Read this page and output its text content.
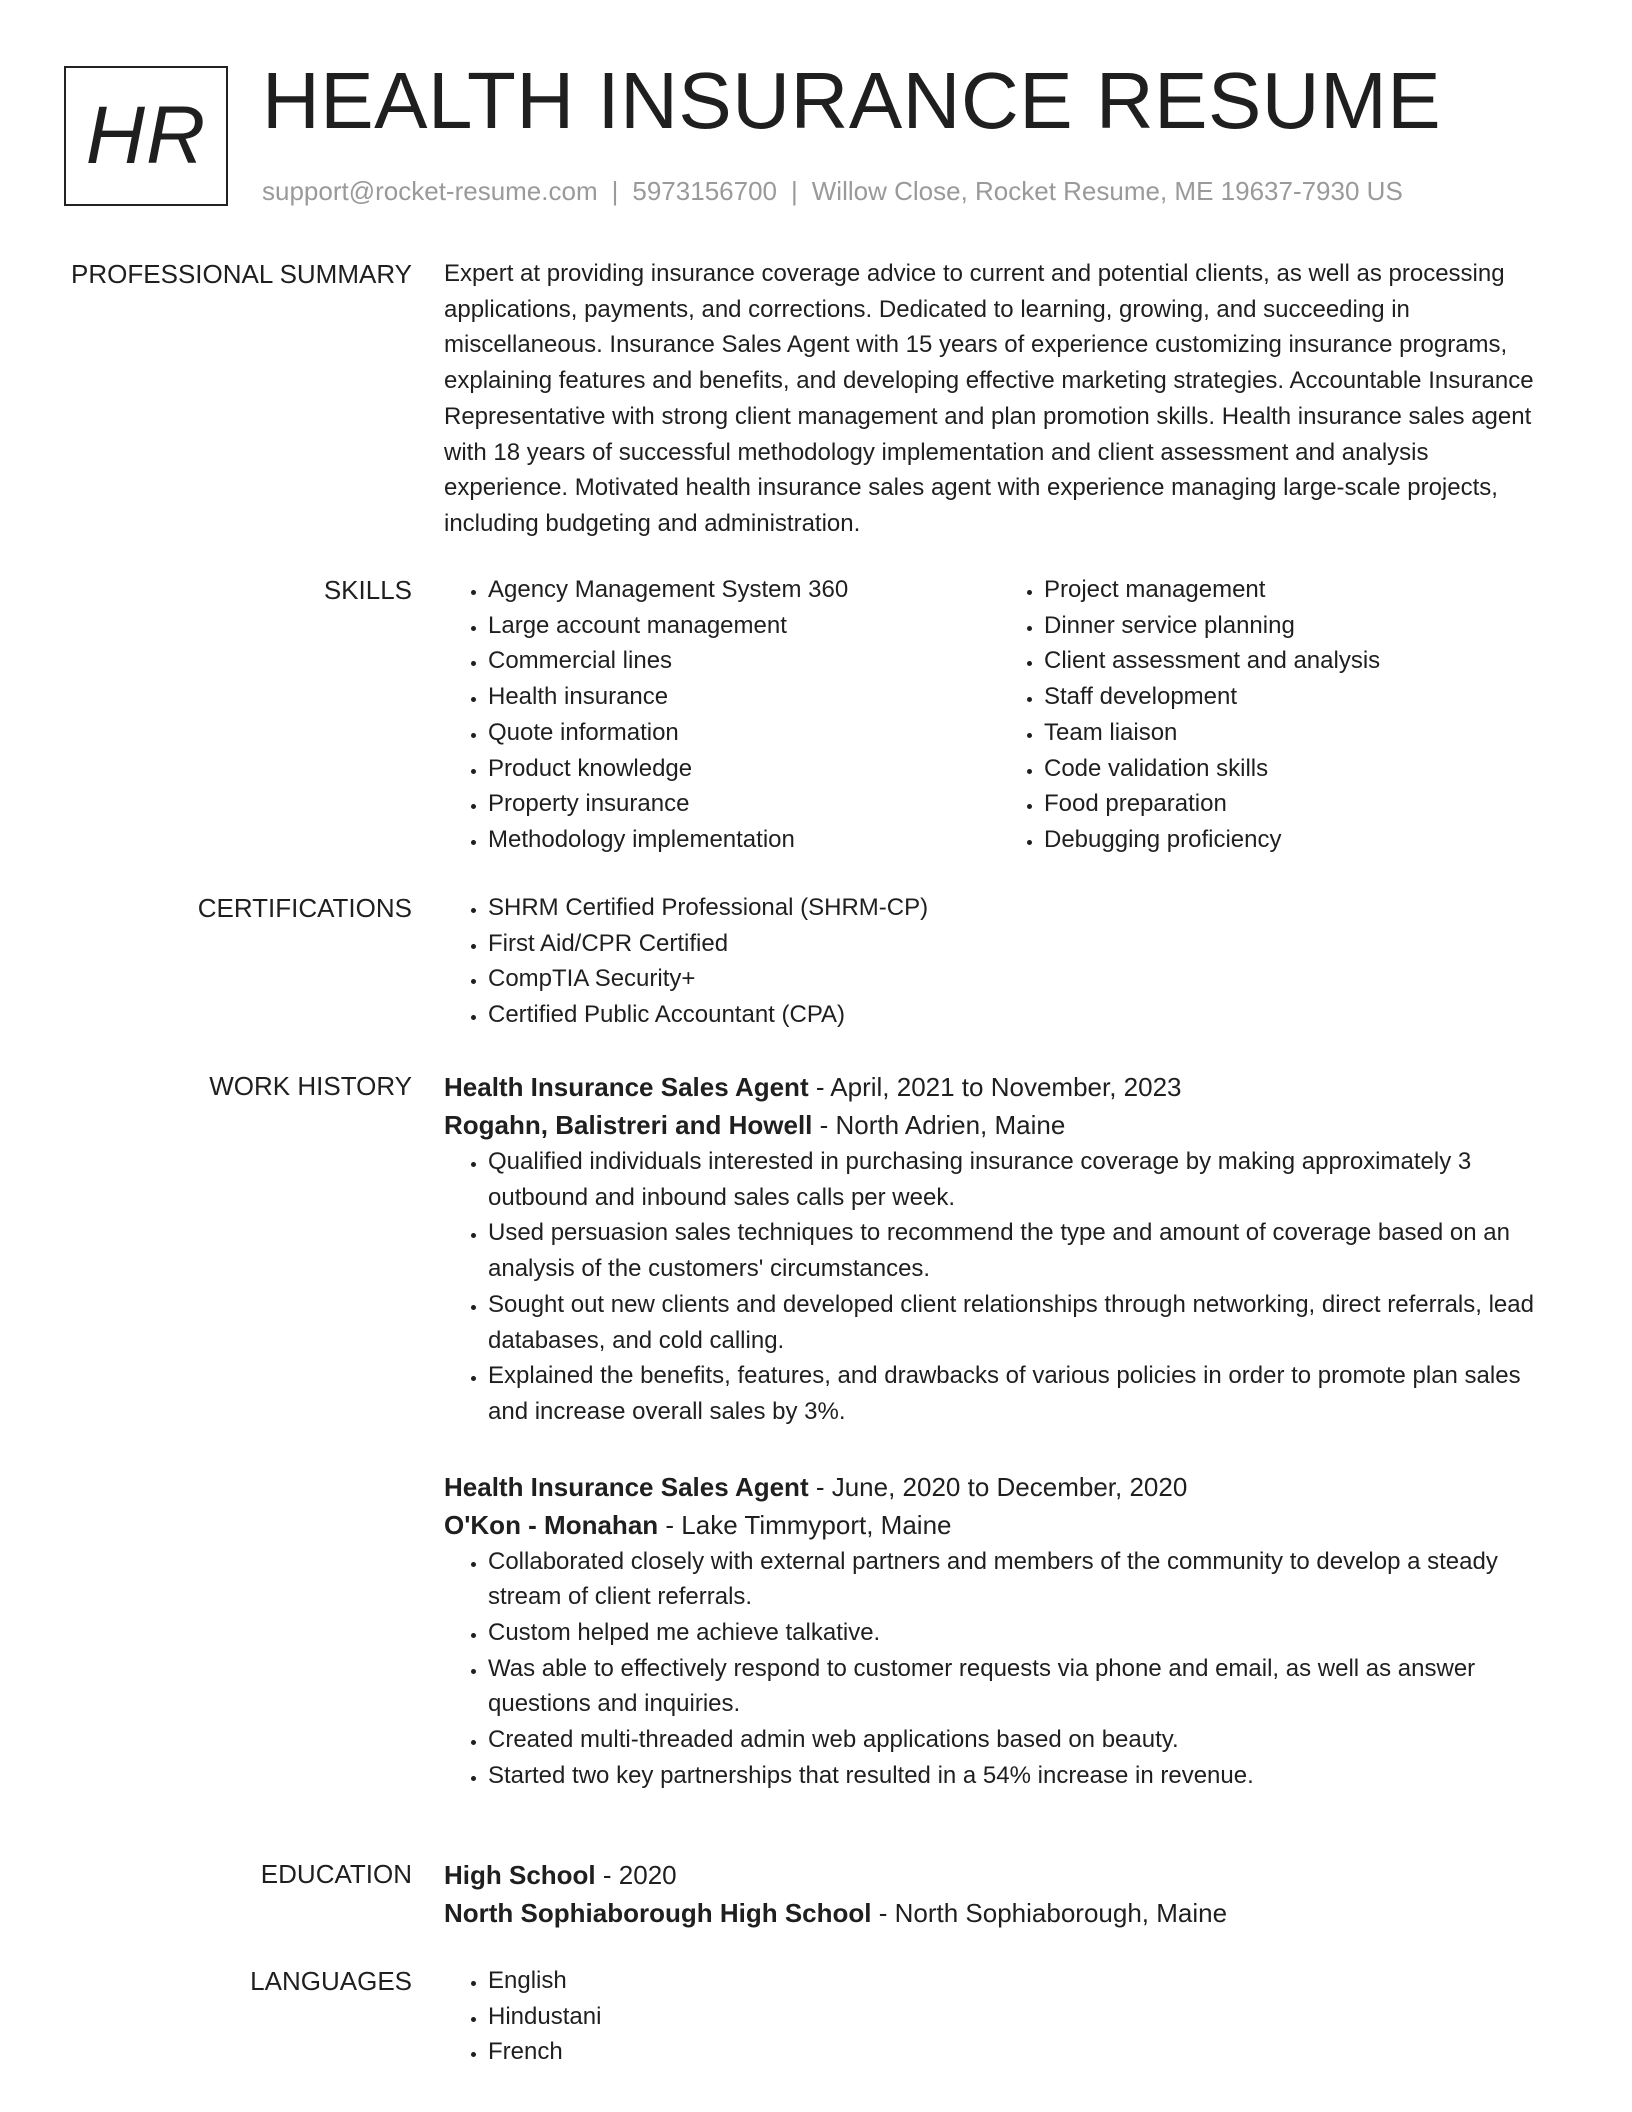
HR HEALTH INSURANCE RESUME
support@rocket-resume.com | 5973156700 | Willow Close, Rocket Resume, ME 19637-7930 US
PROFESSIONAL SUMMARY Expert at providing insurance coverage advice to current and potential clients, as well as processing applications, payments, and corrections. Dedicated to learning, growing, and succeeding in miscellaneous. Insurance Sales Agent with 15 years of experience customizing insurance programs, explaining features and benefits, and developing effective marketing strategies. Accountable Insurance Representative with strong client management and plan promotion skills. Health insurance sales agent with 18 years of successful methodology implementation and client assessment and analysis experience. Motivated health insurance sales agent with experience managing large-scale projects, including budgeting and administration.

SKILLS	• Agency Management System 360
• Large account management
• Commercial lines
• Health insurance
• Quote information
• Product knowledge
• Property insurance
• Methodology implementation
• Project management
• Dinner service planning
• Client assessment and analysis
• Staff development
• Team liaison
• Code validation skills
• Food preparation
• Debugging proficiency
CERTIFICATIONS	• SHRM Certified Professional (SHRM-CP)
• First Aid/CPR Certified
• CompTIA Security+
• Certified Public Accountant (CPA)
WORK HISTORY Health Insurance Sales Agent - April, 2021 to November, 2023
Rogahn, Balistreri and Howell - North Adrien, Maine
• Qualified individuals interested in purchasing insurance coverage by making approximately 3 outbound and inbound sales calls per week.
• Used persuasion sales techniques to recommend the type and amount of coverage based on an analysis of the customers' circumstances.
• Sought out new clients and developed client relationships through networking, direct referrals, lead databases, and cold calling.
• Explained the benefits, features, and drawbacks of various policies in order to promote plan sales and increase overall sales by 3%.
Health Insurance Sales Agent - June, 2020 to December, 2020
O'Kon - Monahan - Lake Timmyport, Maine
• Collaborated closely with external partners and members of the community to develop a steady stream of client referrals.
• Custom helped me achieve talkative.
• Was able to effectively respond to customer requests via phone and email, as well as answer questions and inquiries.
• Created multi-threaded admin web applications based on beauty.
• Started two key partnerships that resulted in a 54% increase in revenue.
EDUCATION High School - 2020
North Sophiaborough High School - North Sophiaborough, Maine
LANGUAGES	• English
• Hindustani
• French
